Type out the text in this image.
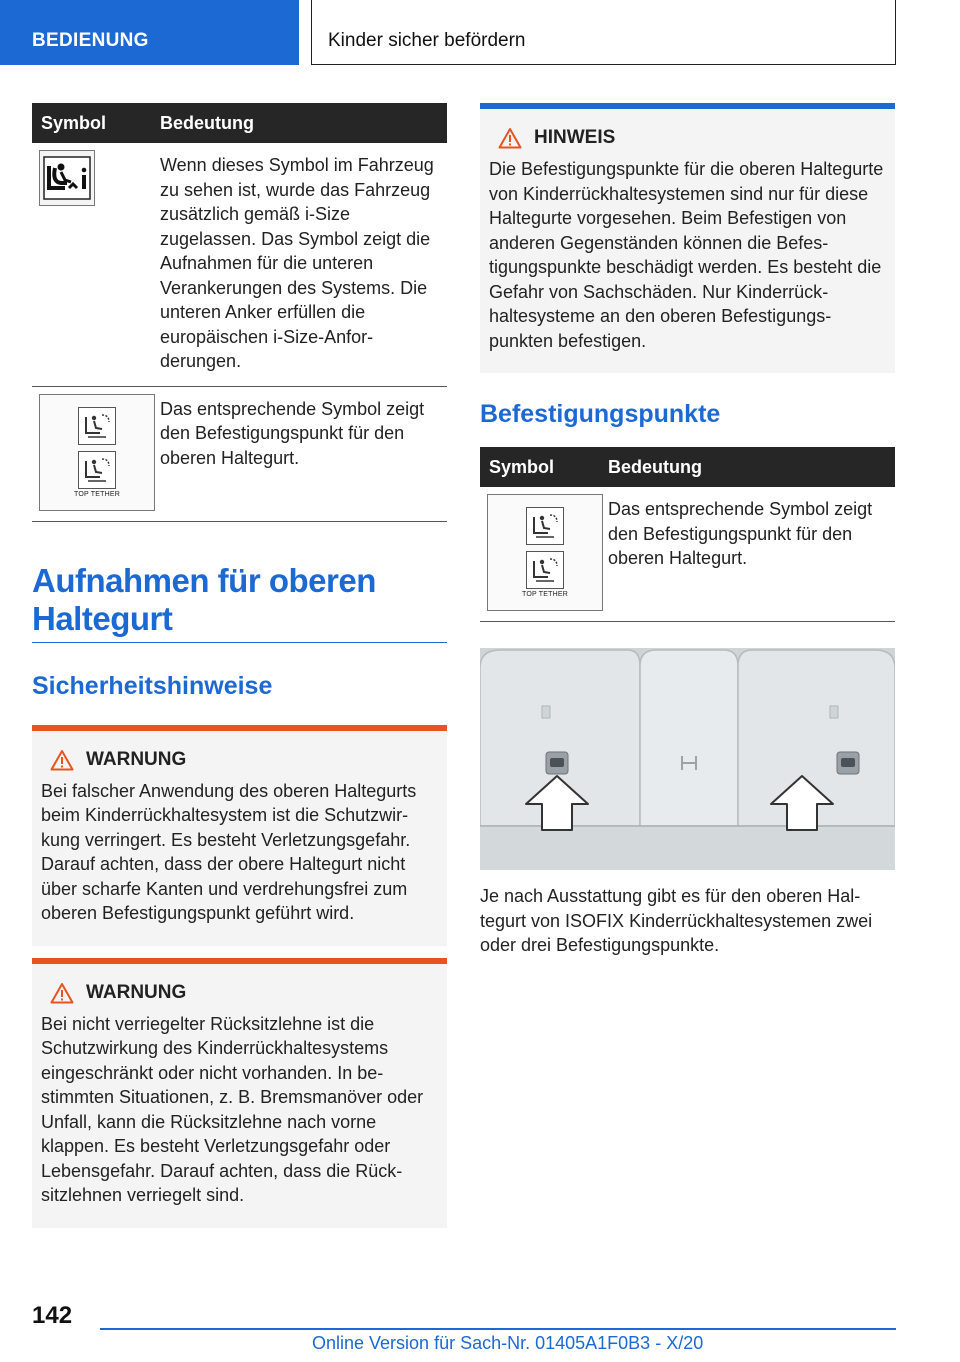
BEDIENUNG	Kinder sicher befördern
Symbol	Bedeutung
Wenn dieses Symbol im Fahrzeug zu sehen ist, wurde das Fahrzeug zusätzlich gemäß i-Size zugelassen. Das Symbol zeigt die Aufnahmen für die unteren Verankerungen des Systems. Die unteren Anker erfüllen die europäischen i-Size-Anforderungen.
TOP TETHER
Das entsprechende Symbol zeigt den Befestigungspunkt für den oberen Haltegurt.
Aufnahmen für oberen Haltegurt
Sicherheitshinweise
WARNUNG
Bei falscher Anwendung des oberen Haltegurts beim Kinderrückhaltesystem ist die Schutzwirkung verringert. Es besteht Verletzungsgefahr. Darauf achten, dass der obere Haltegurt nicht über scharfe Kanten und verdrehungsfrei zum oberen Befestigungspunkt geführt wird.
WARNUNG
Bei nicht verriegelter Rücksitzlehne ist die Schutzwirkung des Kinderrückhaltesystems eingeschränkt oder nicht vorhanden. In bestimmten Situationen, z. B. Bremsmanöver oder Unfall, kann die Rücksitzlehne nach vorne klappen. Es besteht Verletzungsgefahr oder Lebensgefahr. Darauf achten, dass die Rücksitzlehnen verriegelt sind.
HINWEIS
Die Befestigungspunkte für die oberen Haltegurte von Kinderrückhaltesystemen sind nur für diese Haltegurte vorgesehen. Beim Befestigen von anderen Gegenständen können die Befestigungspunkte beschädigt werden. Es besteht die Gefahr von Sachschäden. Nur Kinderrückhaltesysteme an den oberen Befestigungspunkten befestigen.
Befestigungspunkte
Symbol	Bedeutung
TOP TETHER
Das entsprechende Symbol zeigt den Befestigungspunkt für den oberen Haltegurt.
Je nach Ausstattung gibt es für den oberen Haltegurt von ISOFIX Kinderrückhaltesystemen zwei oder drei Befestigungspunkte.
142
Online Version für Sach-Nr. 01405A1F0B3 - X/20
